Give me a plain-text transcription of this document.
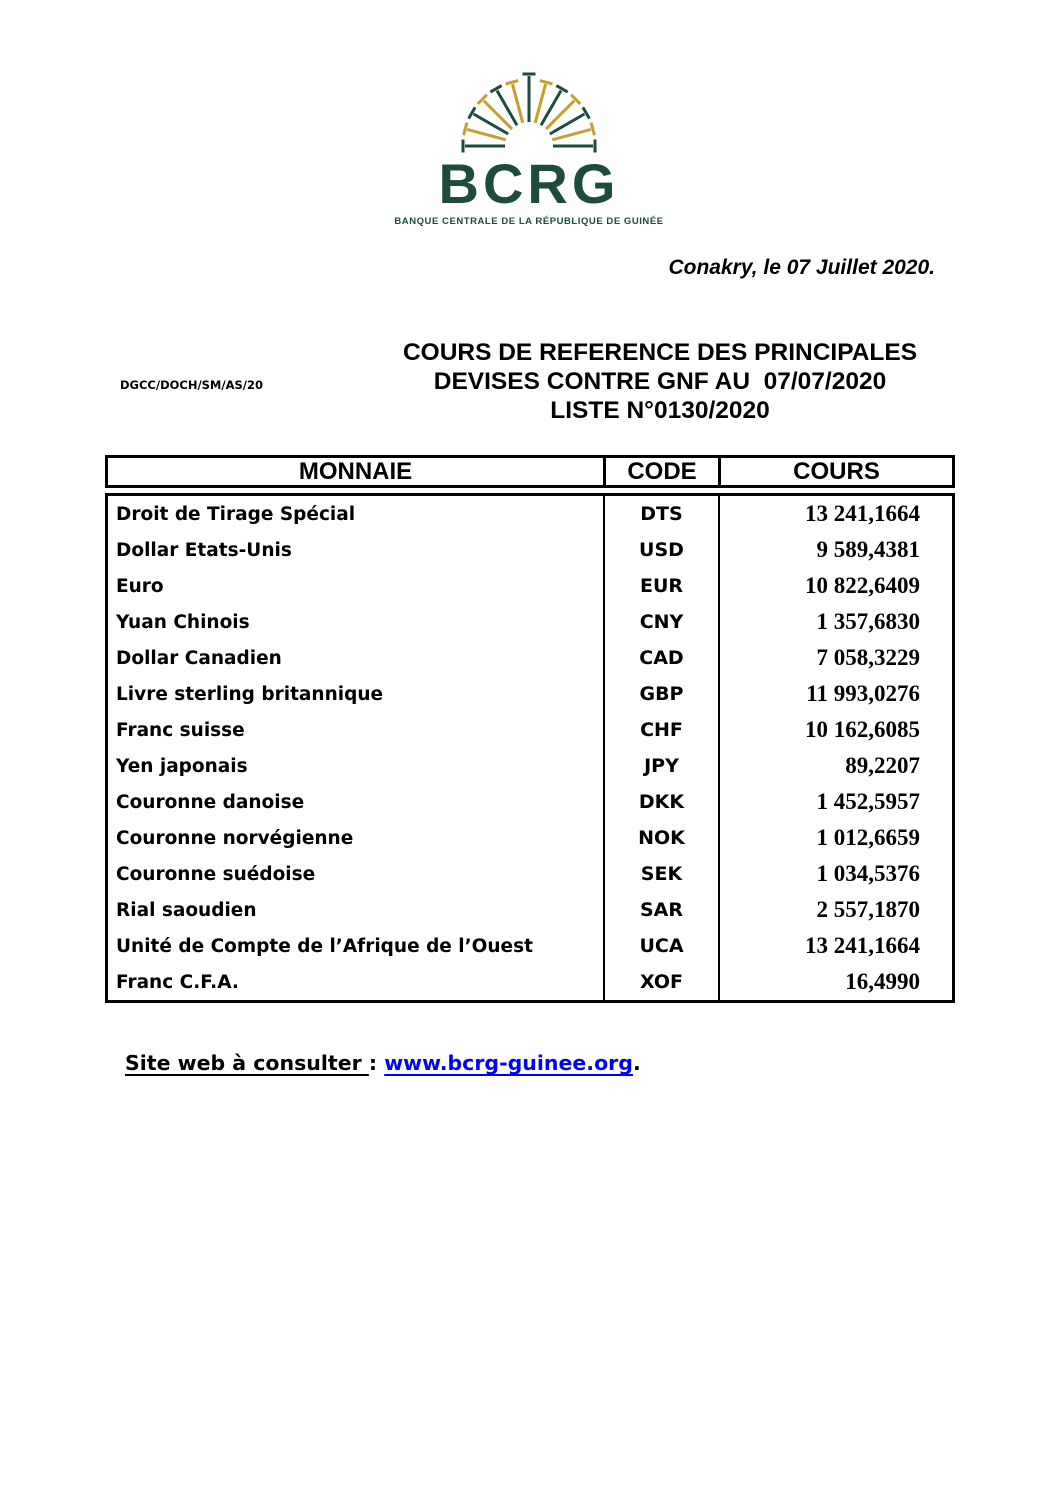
BCRG
BANQUE CENTRALE DE LA RÉPUBLIQUE DE GUINÉE
Conakry, le 07 Juillet 2020.
DGCC/DOCH/SM/AS/20
COURS DE REFERENCE DES PRINCIPALES
DEVISES CONTRE GNF AU  07/07/2020
LISTE N°0130/2020
MONNAIE	CODE	COURS
Droit de Tirage Spécial	DTS	13 241,1664
Dollar Etats-Unis	USD	9 589,4381
Euro	EUR	10 822,6409
Yuan Chinois	CNY	1 357,6830
Dollar Canadien	CAD	7 058,3229
Livre sterling britannique	GBP	11 993,0276
Franc suisse	CHF	10 162,6085
Yen japonais	JPY	89,2207
Couronne danoise	DKK	1 452,5957
Couronne norvégienne	NOK	1 012,6659
Couronne suédoise	SEK	1 034,5376
Rial saoudien	SAR	2 557,1870
Unité de Compte de l’Afrique de l’Ouest	UCA	13 241,1664
Franc C.F.A.	XOF	16,4990
Site web à consulter : www.bcrg-guinee.org.
